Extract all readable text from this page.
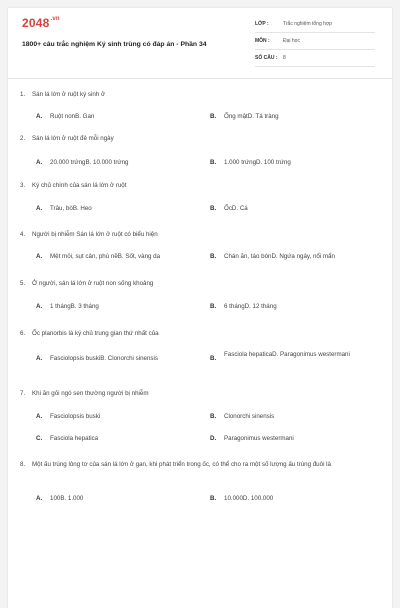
$2048^{.vn}$
1800+ câu trắc nghiệm Ký sinh trùng có đáp án - Phần 34
LỚP :	Trắc nghiệm tổng hợp
MÔN :	Đại học
SỐ CÂU : 8
1. Sán lá lớn ở ruột ký sinh ở
A. Ruột nonB. Gan	B. Ống mậtD. Tá tràng
2. Sán lá lớn ở ruột đẻ mỗi ngày
A. 20.000 trứngB. 10.000 trứng	B. 1.000 trứngD. 100 trứng
3. Ký chủ chính của sán lá lớn ở ruột
A. Trâu, bòB. Heo	B. ỐcD. Cá
4. Người bị nhiễm Sán lá lớn ở ruột có biểu hiện
A. Mệt mỏi, sụt cân, phù nềB. Sốt, vàng da	B. Chán ăn, táo bónD. Ngứa ngáy, nổi mẩn
5. Ở người, sán lá lớn ở ruột non sống khoảng
A. 1 thángB. 3 tháng	B. 6 thángD. 12 tháng
6. Ốc planorbis là ký chủ trung gian thứ nhất của
A. Fasciolopsis buskiB. Clonorchi sinensis	B.
Fasciola hepaticaD. Paragonimus westermani
7. Khi ăn gỏi ngó sen thường người bị nhiễm
A. Fasciolopsis buski	B. Clonorchi sinensis
C. Fasciola hepatica	D. Paragonimus westermani
8. Một ấu trùng lông tơ của sán lá lớn ở gan, khi phát triển trong ốc, có thể cho ra một số lượng ấu trùng đuôi là
A. 100B. 1.000	B. 10.000D. 100.000
